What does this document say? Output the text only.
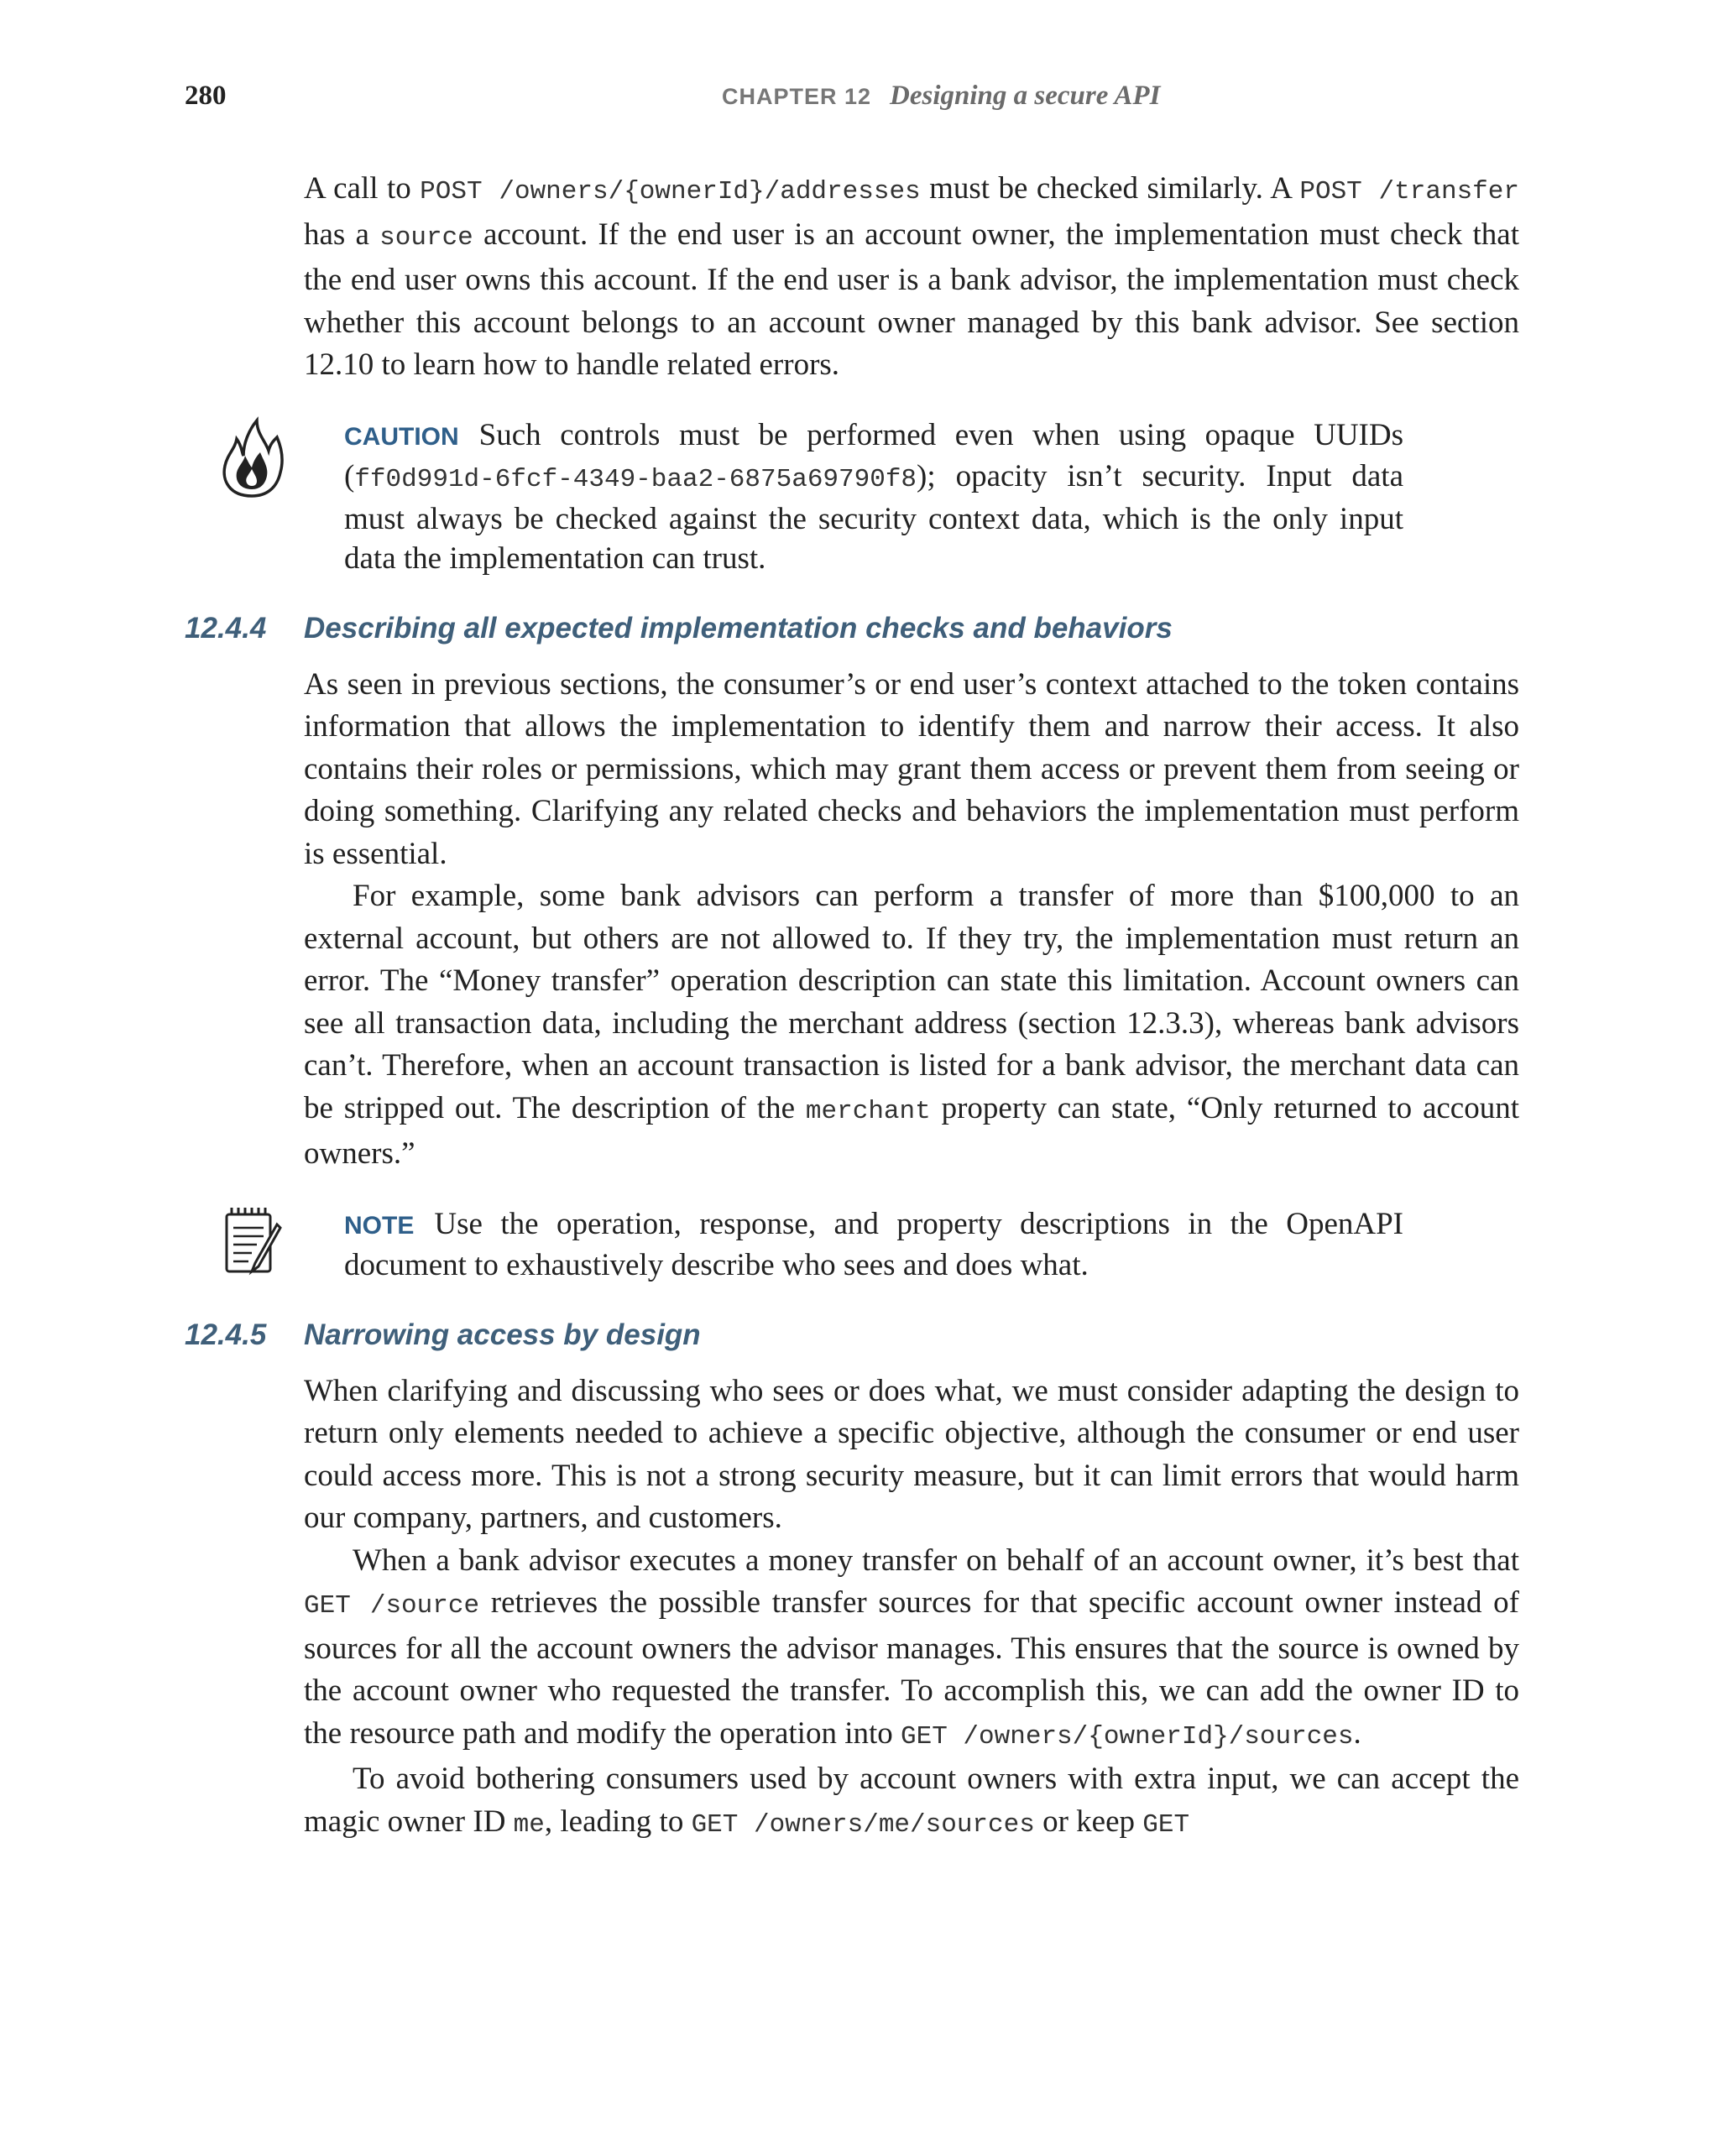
280	CHAPTER 12 Designing a secure API

A call to POST /owners/{ownerId}/addresses must be checked similarly. A POST /transfer has a source account. If the end user is an account owner, the implementation must check that the end user owns this account. If the end user is a bank advisor, the implementation must check whether this account belongs to an account owner managed by this bank advisor. See section 12.10 to learn how to handle related errors.

CAUTION Such controls must be performed even when using opaque UUIDs (ff0d991d-6fcf-4349-baa2-6875a69790f8); opacity isn’t security. Input data must always be checked against the security context data, which is the only input data the implementation can trust.

12.4.4 Describing all expected implementation checks and behaviors

As seen in previous sections, the consumer’s or end user’s context attached to the token contains information that allows the implementation to identify them and narrow their access. It also contains their roles or permissions, which may grant them access or prevent them from seeing or doing something. Clarifying any related checks and behaviors the implementation must perform is essential.

For example, some bank advisors can perform a transfer of more than $100,000 to an external account, but others are not allowed to. If they try, the implementation must return an error. The “Money transfer” operation description can state this limitation. Account owners can see all transaction data, including the merchant address (section 12.3.3), whereas bank advisors can’t. Therefore, when an account transaction is listed for a bank advisor, the merchant data can be stripped out. The description of the merchant property can state, “Only returned to account owners.”

NOTE Use the operation, response, and property descriptions in the OpenAPI document to exhaustively describe who sees and does what.

12.4.5 Narrowing access by design

When clarifying and discussing who sees or does what, we must consider adapting the design to return only elements needed to achieve a specific objective, although the consumer or end user could access more. This is not a strong security measure, but it can limit errors that would harm our company, partners, and customers.

When a bank advisor executes a money transfer on behalf of an account owner, it’s best that GET /source retrieves the possible transfer sources for that specific account owner instead of sources for all the account owners the advisor manages. This ensures that the source is owned by the account owner who requested the transfer. To accomplish this, we can add the owner ID to the resource path and modify the operation into GET /owners/{ownerId}/sources.

To avoid bothering consumers used by account owners with extra input, we can accept the magic owner ID me, leading to GET /owners/me/sources or keep GET
